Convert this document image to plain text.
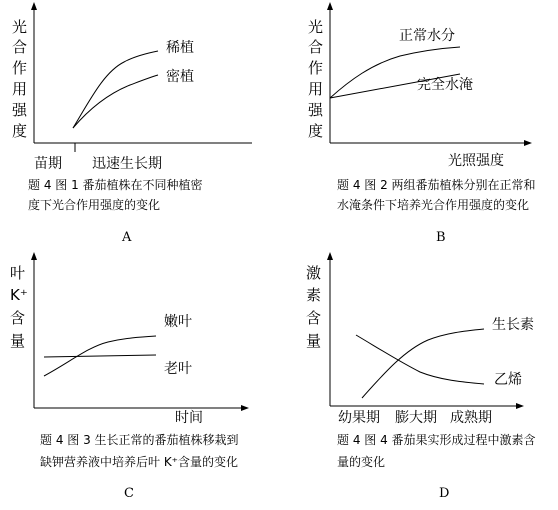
光
合
作
用
强
度
苗期 迅速生长期
稀植
密植
题 4 图 1 番茄植株在不同种植密
度下光合作用强度的变化
A
光
合
作
用
强
度
光照强度
正常水分
完全水淹
题 4 图 2 两组番茄植株分别在正常和
水淹条件下培养光合作用强度的变化
B
叶
K⁺
含
量
时间
嫩叶
老叶
题 4 图 3 生长正常的番茄植株移栽到
缺钾营养液中培养后叶 K⁺含量的变化
C
激
素
含
量
幼果期 膨大期 成熟期
生长素
乙烯
题 4 图 4 番茄果实形成过程中激素含
量的变化
D
